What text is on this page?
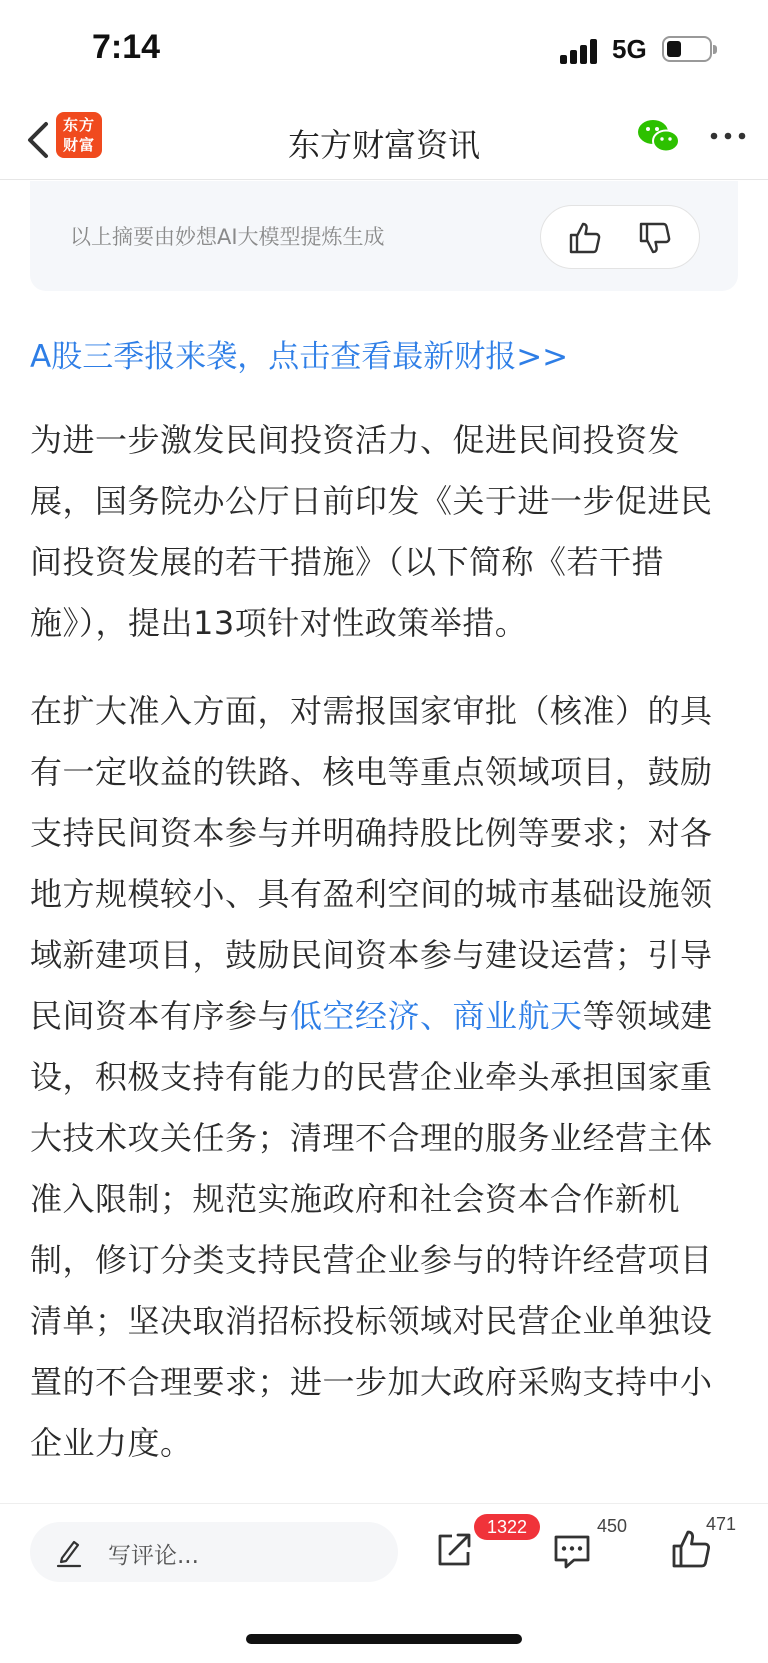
7:14	5G
东方财富	东方财富资讯
以上摘要由妙想AI大模型提炼生成
A股三季报来袭，点击查看最新财报>>

为进一步激发民间投资活力、促进民间投资发展，国务院办公厅日前印发《关于进一步促进民间投资发展的若干措施》（以下简称《若干措施》），提出13项针对性政策举措。

在扩大准入方面，对需报国家审批（核准）的具有一定收益的铁路、核电等重点领域项目，鼓励支持民间资本参与并明确持股比例等要求；对各地方规模较小、具有盈利空间的城市基础设施领域新建项目，鼓励民间资本参与建设运营；引导民间资本有序参与低空经济、商业航天等领域建设，积极支持有能力的民营企业牵头承担国家重大技术攻关任务；清理不合理的服务业经营主体准入限制；规范实施政府和社会资本合作新机制，修订分类支持民营企业参与的特许经营项目清单；坚决取消招标投标领域对民营企业单独设置的不合理要求；进一步加大政府采购支持中小企业力度。

写评论...
1322	450	471
